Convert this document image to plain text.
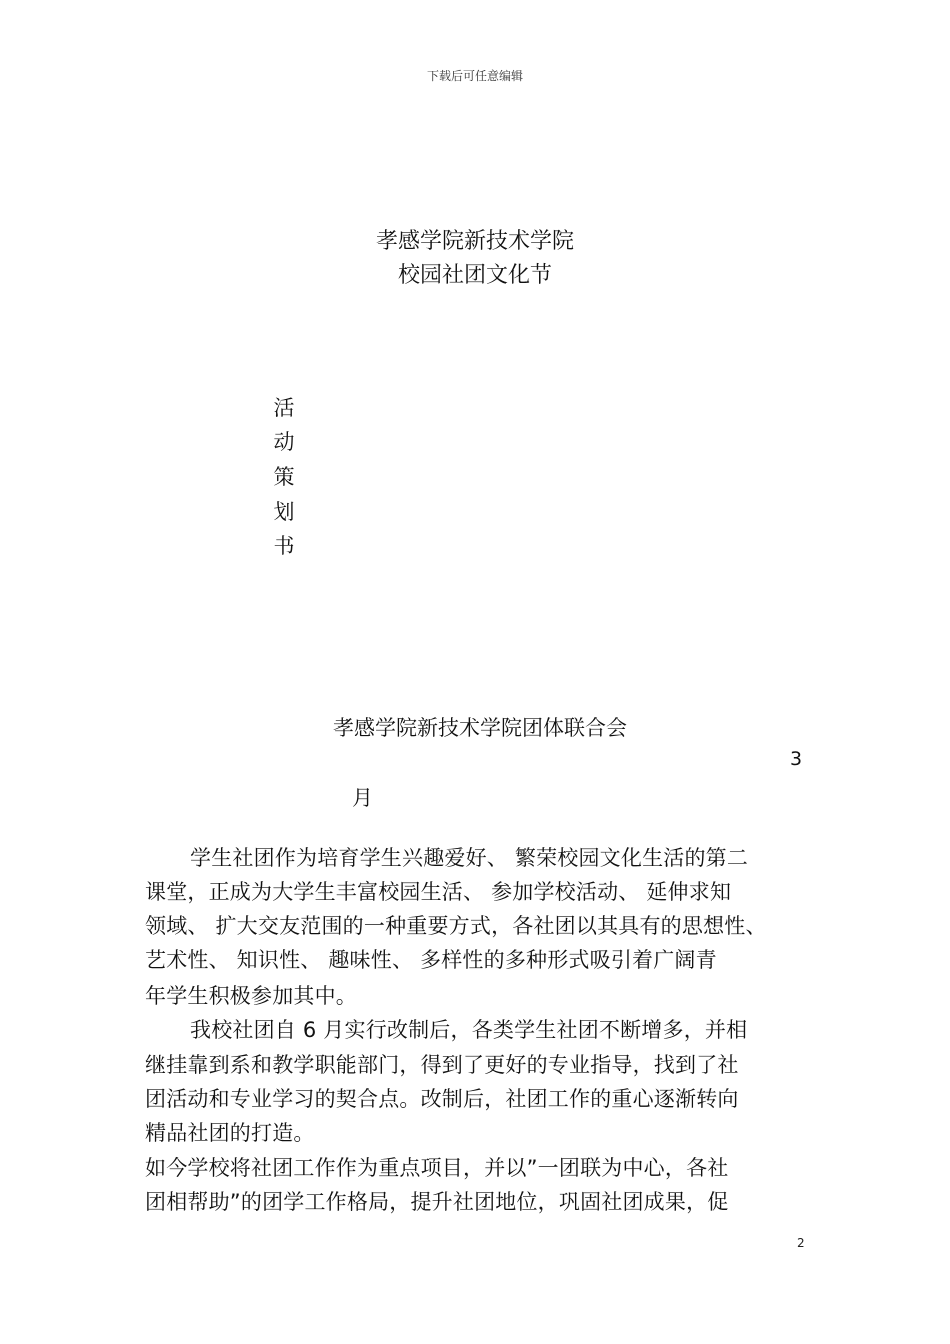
下载后可任意编辑
孝感学院新技术学院
校园社团文化节
活
动
策
划
书
孝感学院新技术学院团体联合会
3
月
学生社团作为培育学生兴趣爱好、 繁荣校园文化生活的第二
课堂，正成为大学生丰富校园生活、 参加学校活动、 延伸求知
领域、 扩大交友范围的一种重要方式，各社团以其具有的思想性、
艺术性、 知识性、 趣味性、 多样性的多种形式吸引着广阔青
年学生积极参加其中。
我校社团自 6 月实行改制后，各类学生社团不断增多，并相
继挂靠到系和教学职能部门，得到了更好的专业指导，找到了社
团活动和专业学习的契合点。改制后，社团工作的重心逐渐转向
精品社团的打造。
如今学校将社团工作作为重点项目，并以”一团联为中心，各社
团相帮助”的团学工作格局，提升社团地位，巩固社团成果，促
2
